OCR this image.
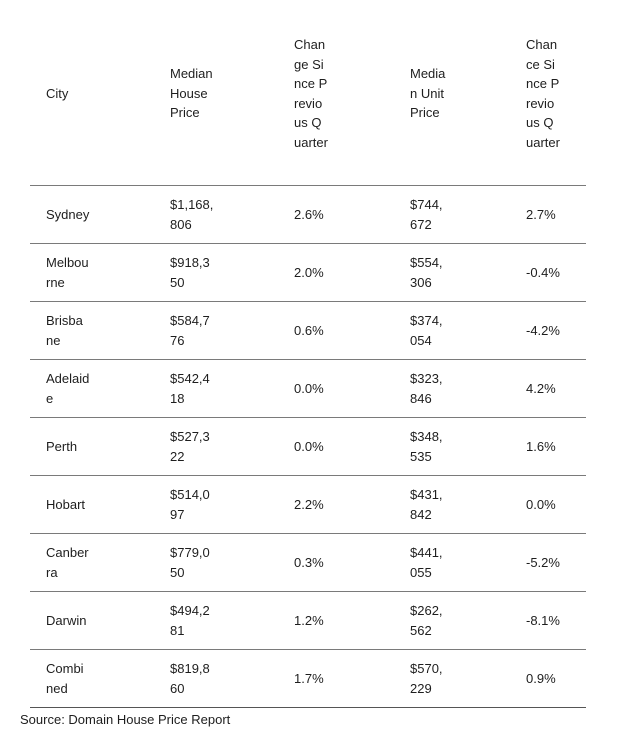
City	Median House Price	Change Since Previous Quarter	Median Unit Price	Chance Since Previous Quarter

Sydney	$1,168,806	2.6%	$744,672	2.7%

Melbourne	$918,350	2.0%	$554,306	-0.4%

Brisbane	$584,776	0.6%	$374,054	-4.2%

Adelaide	$542,418	0.0%	$323,846	4.2%

Perth	$527,322	0.0%	$348,535	1.6%

Hobart	$514,097	2.2%	$431,842	0.0%

Canberra	$779,050	0.3%	$441,055	-5.2%

Darwin	$494,281	1.2%	$262,562	-8.1%

Combined	$819,860	1.7%	$570,229	0.9%
Source: Domain House Price Report
